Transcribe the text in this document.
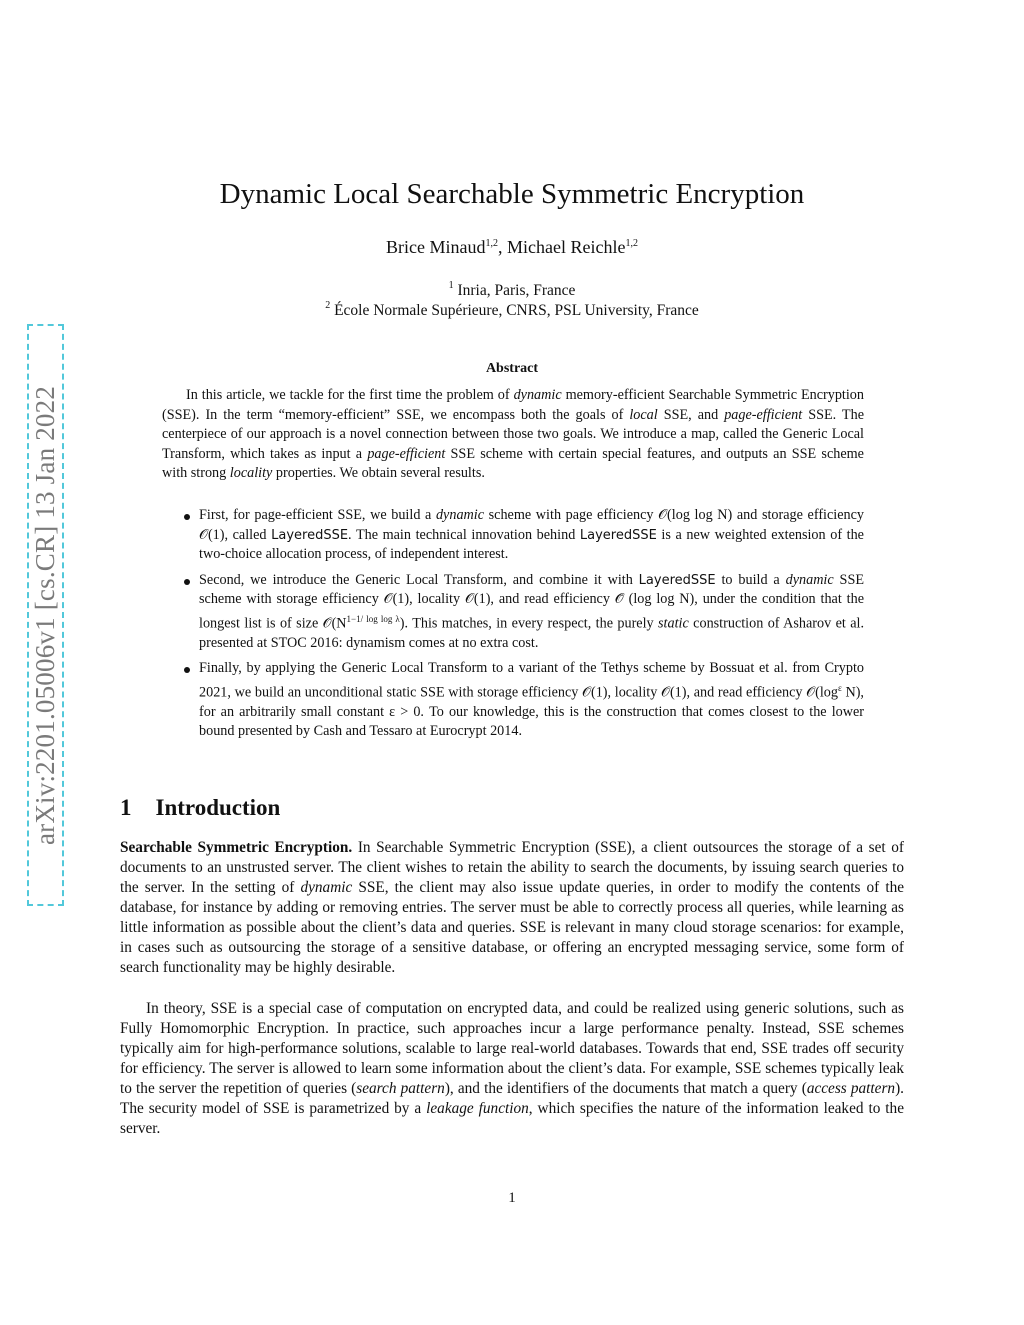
arXiv:2201.05006v1 [cs.CR] 13 Jan 2022
Dynamic Local Searchable Symmetric Encryption
Brice Minaud$^{1,2}$, Michael Reichle$^{1,2}$
$^1$ Inria, Paris, France
$^2$ École Normale Supérieure, CNRS, PSL University, France
Abstract

In this article, we tackle for the first time the problem of dynamic memory-efficient Searchable Symmetric Encryption (SSE). In the term “memory-efficient” SSE, we encompass both the goals of local SSE, and page-efficient SSE. The centerpiece of our approach is a novel connection between those two goals. We introduce a map, called the Generic Local Transform, which takes as input a page-efficient SSE scheme with certain special features, and outputs an SSE scheme with strong locality properties. We obtain several results.

First, for page-efficient SSE, we build a dynamic scheme with page efficiency 𝒪(log log N) and storage efficiency 𝒪(1), called LayeredSSE. The main technical innovation behind LayeredSSE is a new weighted extension of the two-choice allocation process, of independent interest.
Second, we introduce the Generic Local Transform, and combine it with LayeredSSE to build a dynamic SSE scheme with storage efficiency 𝒪(1), locality 𝒪(1), and read efficiency 𝒪̃ (log log N), under the condition that the longest list is of size $𝒪(N^{1-1/ log log \lambda})$. This matches, in every respect, the purely static construction of Asharov et al. presented at STOC 2016: dynamism comes at no extra cost.
Finally, by applying the Generic Local Transform to a variant of the Tethys scheme by Bossuat et al. from Crypto 2021, we build an unconditional static SSE with storage efficiency 𝒪(1), locality 𝒪(1), and read efficiency $𝒪(\log^\varepsilon$ N), for an arbitrarily small constant ε > 0. To our knowledge, this is the construction that comes closest to the lower bound presented by Cash and Tessaro at Eurocrypt 2014.
1 Introduction

Searchable Symmetric Encryption. In Searchable Symmetric Encryption (SSE), a client outsources the storage of a set of documents to an unstrusted server. The client wishes to retain the ability to search the documents, by issuing search queries to the server. In the setting of dynamic SSE, the client may also issue update queries, in order to modify the contents of the database, for instance by adding or removing entries. The server must be able to correctly process all queries, while learning as little information as possible about the client’s data and queries. SSE is relevant in many cloud storage scenarios: for example, in cases such as outsourcing the storage of a sensitive database, or offering an encrypted messaging service, some form of search functionality may be highly desirable.

In theory, SSE is a special case of computation on encrypted data, and could be realized using generic solutions, such as Fully Homomorphic Encryption. In practice, such approaches incur a large performance penalty. Instead, SSE schemes typically aim for high-performance solutions, scalable to large real-world databases. Towards that end, SSE trades off security for efficiency. The server is allowed to learn some information about the client’s data. For example, SSE schemes typically leak to the server the repetition of queries (search pattern), and the identifiers of the documents that match a query (access pattern). The security model of SSE is parametrized by a leakage function, which specifies the nature of the information leaked to the server.

1
